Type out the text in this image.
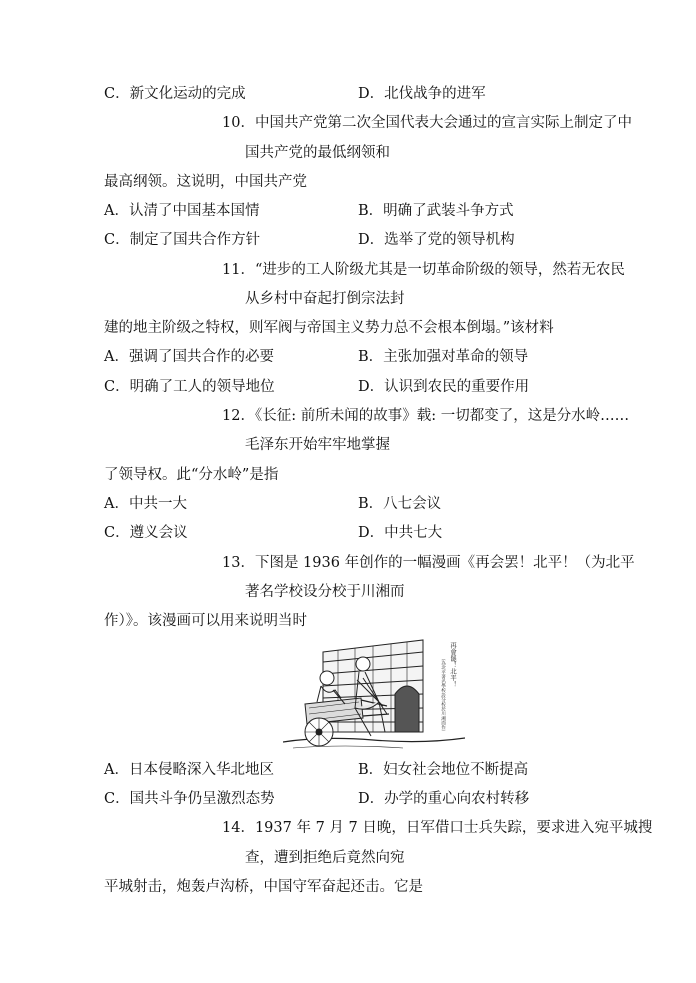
C．新文化运动的完成	D．北伐战争的进军
10．中国共产党第二次全国代表大会通过的宣言实际上制定了中
国共产党的最低纲领和
最高纲领。这说明，中国共产党
A．认清了中国基本国情	B．明确了武装斗争方式
C．制定了国共合作方针	D．选举了党的领导机构
11．“进步的工人阶级尤其是一切革命阶级的领导，然若无农民
从乡村中奋起打倒宗法封
建的地主阶级之特权，则军阀与帝国主义势力总不会根本倒塌。”该材料
A．强调了国共合作的必要	B．主张加强对革命的领导
C．明确了工人的领导地位	D．认识到农民的重要作用
12．《长征: 前所未闻的故事》载: 一切都变了，这是分水岭……
毛泽东开始牢牢地掌握
了领导权。此“分水岭”是指
A．中共一大	B．八七会议
C．遵义会议	D．中共七大
13．下图是 1936 年创作的一幅漫画《再会罢！北平！（为北平
著名学校设分校于川湘而
作）》。该漫画可以用来说明当时
再會罷！北平！
（為北平著名學校設分校於川湘而作）
A．日本侵略深入华北地区	B．妇女社会地位不断提高
C．国共斗争仍呈激烈态势	D．办学的重心向农村转移
14．1937 年 7 月 7 日晚，日军借口士兵失踪，要求进入宛平城搜
查，遭到拒绝后竟然向宛
平城射击，炮轰卢沟桥，中国守军奋起还击。它是
